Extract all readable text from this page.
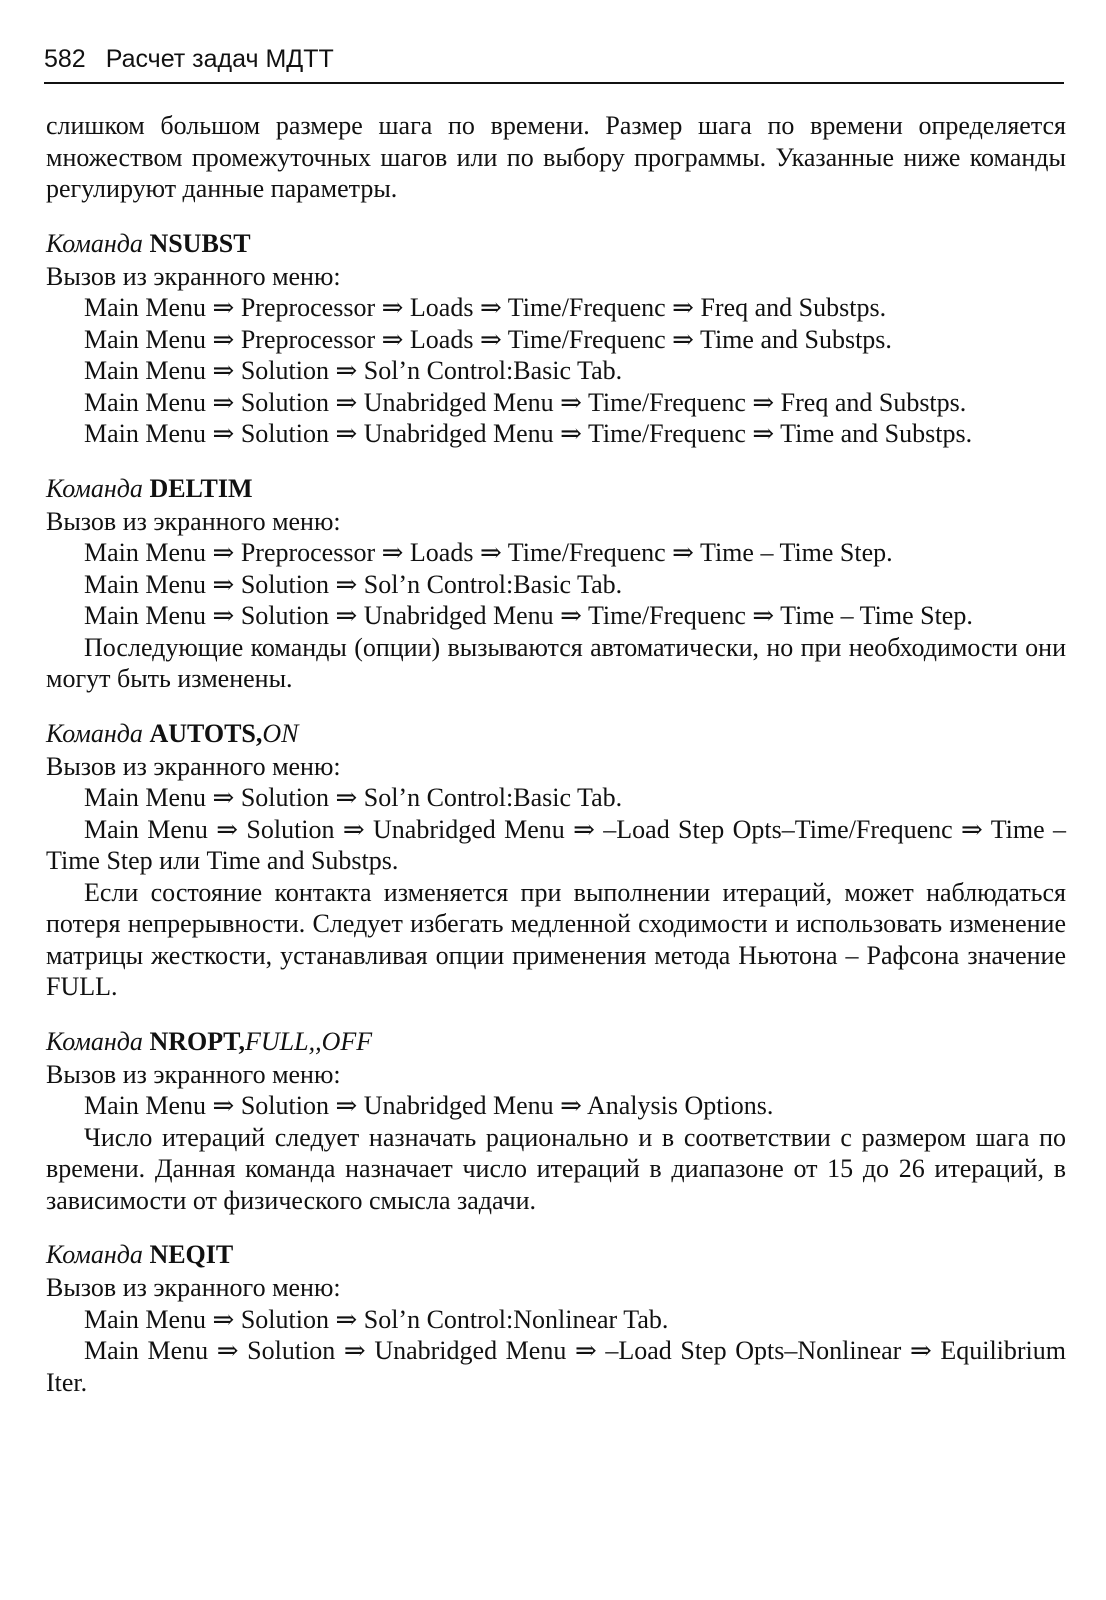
582 Расчет задач МДТТ

слишком большом размере шага по времени. Размер шага по времени определяется множеством промежуточных шагов или по выбору программы. Указанные ниже команды регулируют данные параметры.

Команда NSUBST

Вызов из экранного меню:

Main Menu ⇒ Preprocessor ⇒ Loads ⇒ Time/Frequenc ⇒ Freq and Substps.

Main Menu ⇒ Preprocessor ⇒ Loads ⇒ Time/Frequenc ⇒ Time and Substps.

Main Menu ⇒ Solution ⇒ Sol’n Control:Basic Tab.

Main Menu ⇒ Solution ⇒ Unabridged Menu ⇒ Time/Frequenc ⇒ Freq and Substps.

Main Menu ⇒ Solution ⇒ Unabridged Menu ⇒ Time/Frequenc ⇒ Time and Substps.

Команда DELTIM

Вызов из экранного меню:

Main Menu ⇒ Preprocessor ⇒ Loads ⇒ Time/Frequenc ⇒ Time – Time Step.

Main Menu ⇒ Solution ⇒ Sol’n Control:Basic Tab.

Main Menu ⇒ Solution ⇒ Unabridged Menu ⇒ Time/Frequenc ⇒ Time – Time Step.

Последующие команды (опции) вызываются автоматически, но при необходимости они могут быть изменены.

Команда AUTOTS,ON

Вызов из экранного меню:

Main Menu ⇒ Solution ⇒ Sol’n Control:Basic Tab.

Main Menu ⇒ Solution ⇒ Unabridged Menu ⇒ –Load Step Opts–Time/Frequenc ⇒ Time – Time Step или Time and Substps.

Если состояние контакта изменяется при выполнении итераций, может наблюдаться потеря непрерывности. Следует избегать медленной сходимости и использовать изменение матрицы жесткости, устанавливая опции применения метода Ньютона – Рафсона значение FULL.

Команда NROPT,FULL,,OFF

Вызов из экранного меню:

Main Menu ⇒ Solution ⇒ Unabridged Menu ⇒ Analysis Options.

Число итераций следует назначать рационально и в соответствии с размером шага по времени. Данная команда назначает число итераций в диапазоне от 15 до 26 итераций, в зависимости от физического смысла задачи.

Команда NEQIT

Вызов из экранного меню:

Main Menu ⇒ Solution ⇒ Sol’n Control:Nonlinear Tab.

Main Menu ⇒ Solution ⇒ Unabridged Menu ⇒ –Load Step Opts–Nonlinear ⇒ Equilibrium Iter.
